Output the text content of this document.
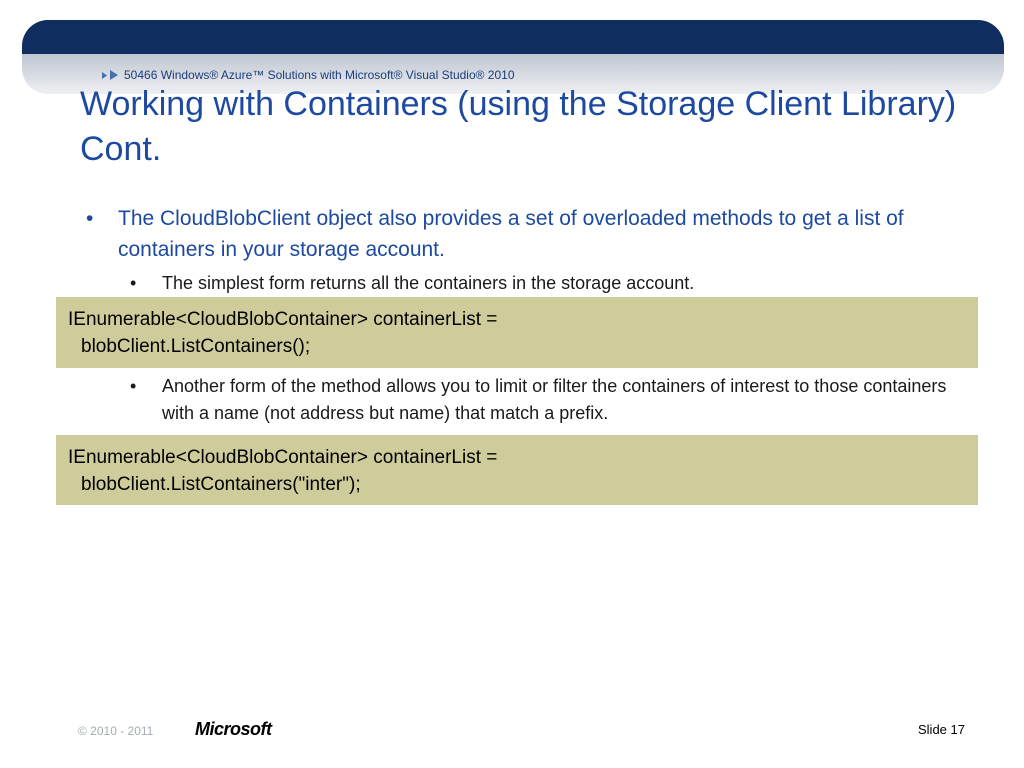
50466 Windows® Azure™ Solutions with Microsoft® Visual Studio® 2010
Working with Containers (using the Storage Client Library) Cont.
•	The CloudBlobClient object also provides a set of overloaded methods to get a list of containers in your storage account.
•	The simplest form returns all the containers in the storage account.
IEnumerable<CloudBlobContainer> containerList =
blobClient.ListContainers();
•	Another form of the method allows you to limit or filter the containers of interest to those containers with a name (not address but name) that match a prefix.
IEnumerable<CloudBlobContainer> containerList =
blobClient.ListContainers("inter");
© 2010 - 2011 Microsoft	Slide 17
